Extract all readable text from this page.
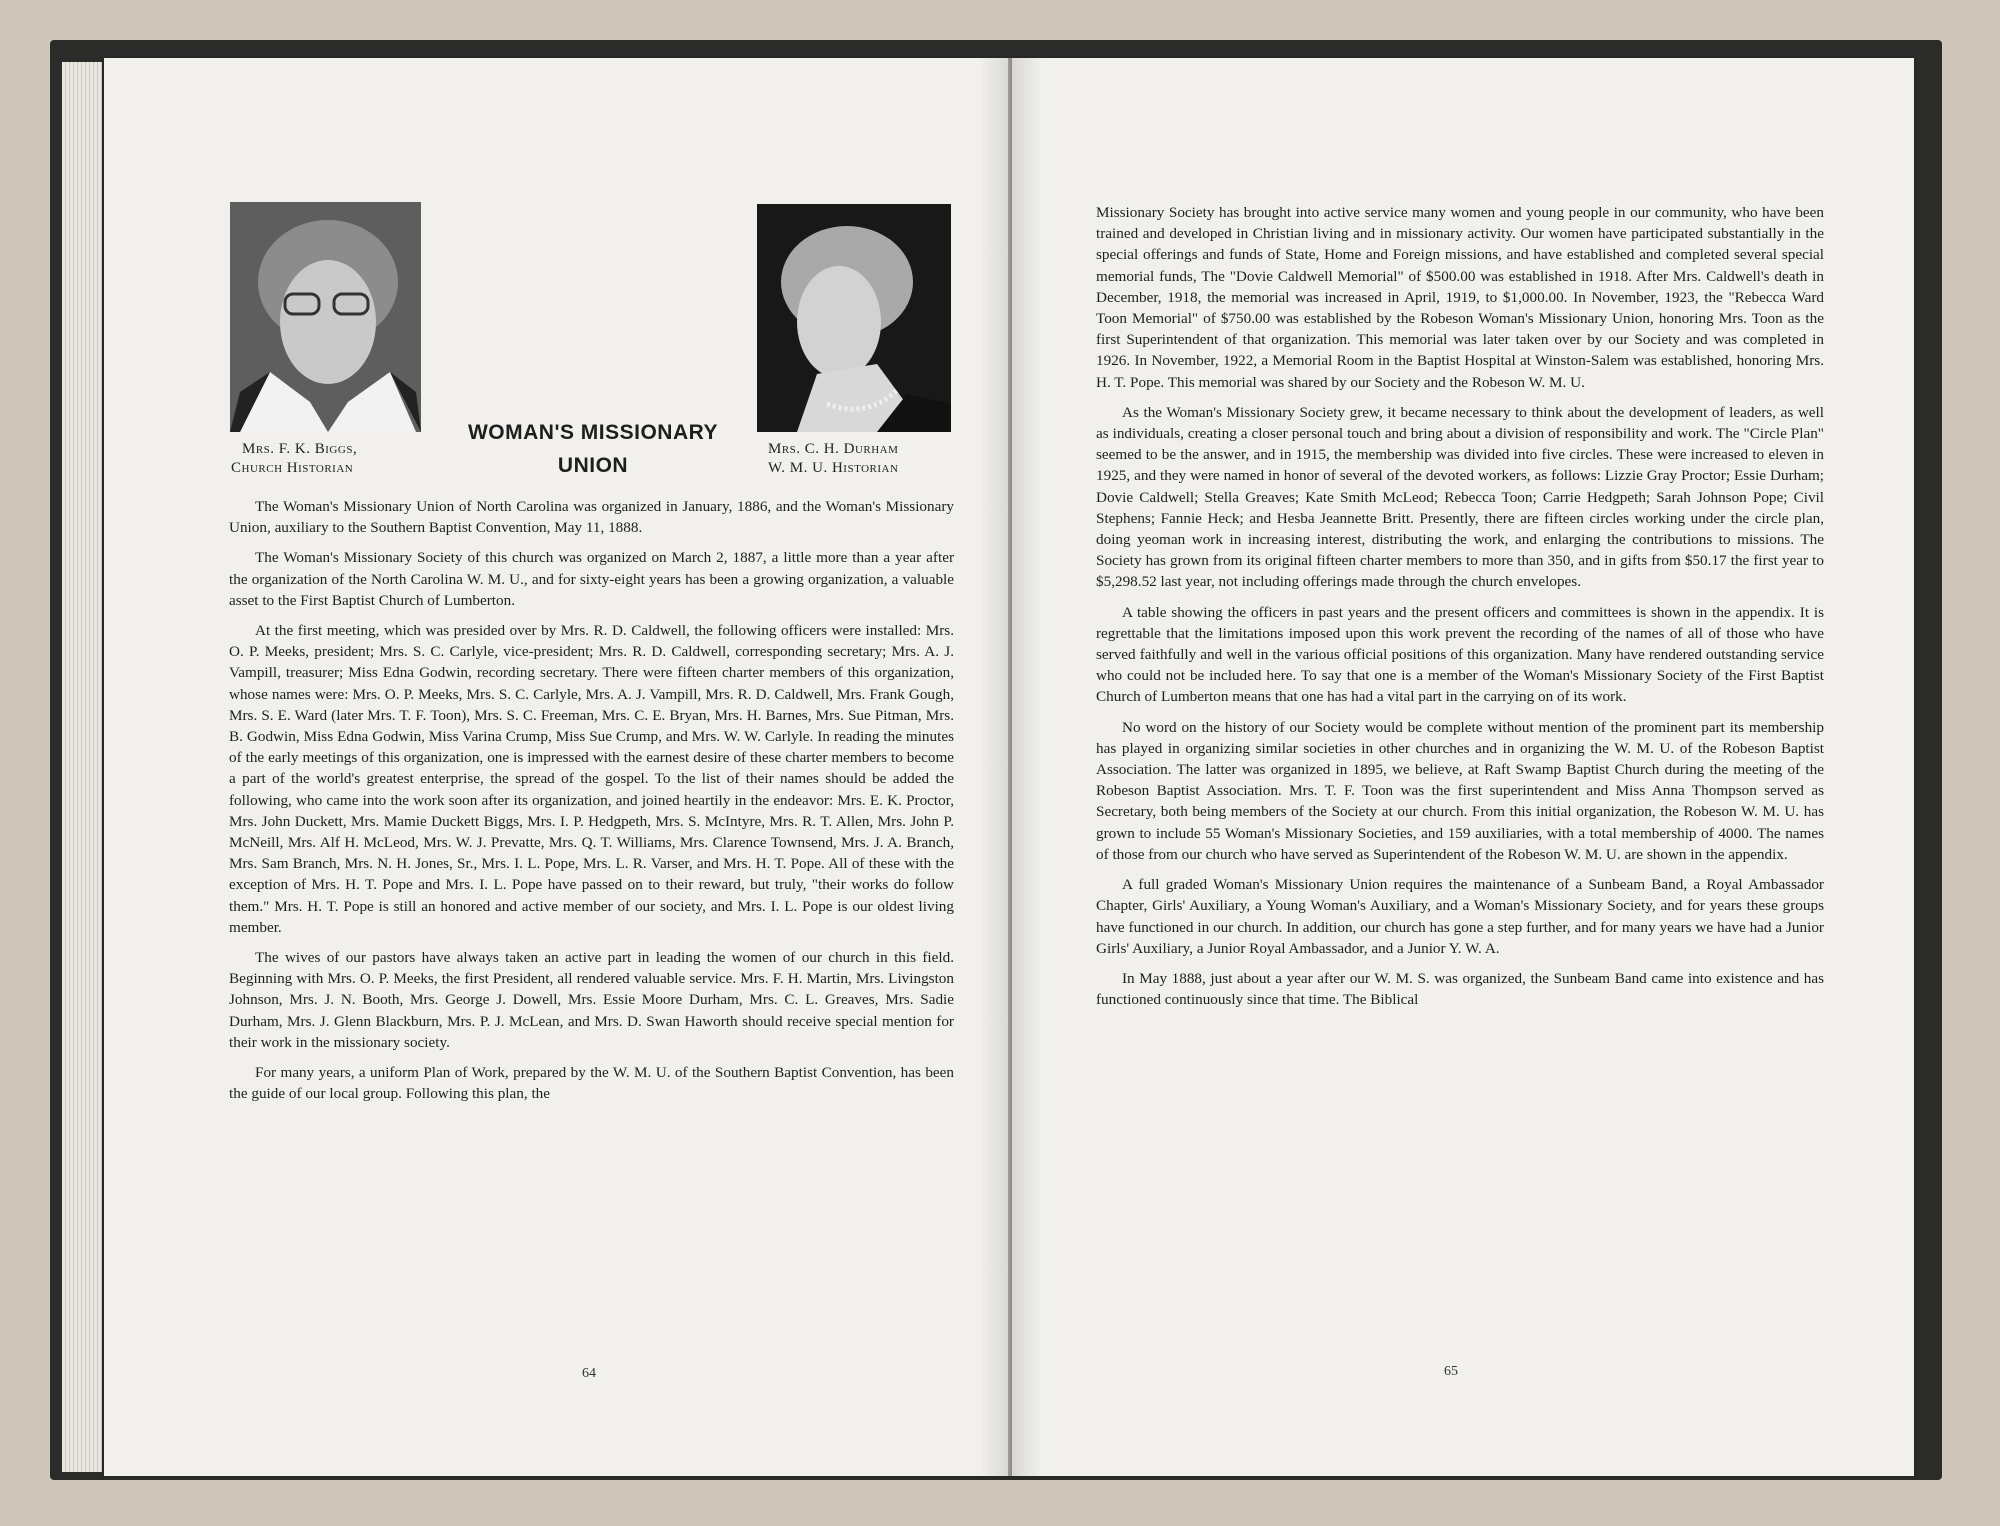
WOMAN'S MISSIONARY
UNION
Mrs. F. K. Biggs,
Church Historian
Mrs. C. H. Durham
W. M. U. Historian

The Woman's Missionary Union of North Carolina was organized in January, 1886, and the Woman's Missionary Union, auxiliary to the Southern Baptist Convention, May 11, 1888.

The Woman's Missionary Society of this church was organized on March 2, 1887, a little more than a year after the organization of the North Carolina W. M. U., and for sixty-eight years has been a growing organization, a valuable asset to the First Baptist Church of Lumberton.

At the first meeting, which was presided over by Mrs. R. D. Caldwell, the following officers were installed: Mrs. O. P. Meeks, president; Mrs. S. C. Carlyle, vice-president; Mrs. R. D. Caldwell, corresponding secretary; Mrs. A. J. Vampill, treasurer; Miss Edna Godwin, recording secretary. There were fifteen charter members of this organization, whose names were: Mrs. O. P. Meeks, Mrs. S. C. Carlyle, Mrs. A. J. Vampill, Mrs. R. D. Caldwell, Mrs. Frank Gough, Mrs. S. E. Ward (later Mrs. T. F. Toon), Mrs. S. C. Freeman, Mrs. C. E. Bryan, Mrs. H. Barnes, Mrs. Sue Pitman, Mrs. B. Godwin, Miss Edna Godwin, Miss Varina Crump, Miss Sue Crump, and Mrs. W. W. Carlyle. In reading the minutes of the early meetings of this organization, one is impressed with the earnest desire of these charter members to become a part of the world's greatest enterprise, the spread of the gospel. To the list of their names should be added the following, who came into the work soon after its organization, and joined heartily in the endeavor: Mrs. E. K. Proctor, Mrs. John Duckett, Mrs. Mamie Duckett Biggs, Mrs. I. P. Hedgpeth, Mrs. S. McIntyre, Mrs. R. T. Allen, Mrs. John P. McNeill, Mrs. Alf H. McLeod, Mrs. W. J. Prevatte, Mrs. Q. T. Williams, Mrs. Clarence Townsend, Mrs. J. A. Branch, Mrs. Sam Branch, Mrs. N. H. Jones, Sr., Mrs. I. L. Pope, Mrs. L. R. Varser, and Mrs. H. T. Pope. All of these with the exception of Mrs. H. T. Pope and Mrs. I. L. Pope have passed on to their reward, but truly, "their works do follow them." Mrs. H. T. Pope is still an honored and active member of our society, and Mrs. I. L. Pope is our oldest living member.

The wives of our pastors have always taken an active part in leading the women of our church in this field. Beginning with Mrs. O. P. Meeks, the first President, all rendered valuable service. Mrs. F. H. Martin, Mrs. Livingston Johnson, Mrs. J. N. Booth, Mrs. George J. Dowell, Mrs. Essie Moore Durham, Mrs. C. L. Greaves, Mrs. Sadie Durham, Mrs. J. Glenn Blackburn, Mrs. P. J. McLean, and Mrs. D. Swan Haworth should receive special mention for their work in the missionary society.

For many years, a uniform Plan of Work, prepared by the W. M. U. of the Southern Baptist Convention, has been the guide of our local group. Following this plan, the

64

Missionary Society has brought into active service many women and young people in our community, who have been trained and developed in Christian living and in missionary activity. Our women have participated substantially in the special offerings and funds of State, Home and Foreign missions, and have established and completed several special memorial funds, The "Dovie Caldwell Memorial" of $500.00 was established in 1918. After Mrs. Caldwell's death in December, 1918, the memorial was increased in April, 1919, to $1,000.00. In November, 1923, the "Rebecca Ward Toon Memorial" of $750.00 was established by the Robeson Woman's Missionary Union, honoring Mrs. Toon as the first Superintendent of that organization. This memorial was later taken over by our Society and was completed in 1926. In November, 1922, a Memorial Room in the Baptist Hospital at Winston-Salem was established, honoring Mrs. H. T. Pope. This memorial was shared by our Society and the Robeson W. M. U.

As the Woman's Missionary Society grew, it became necessary to think about the development of leaders, as well as individuals, creating a closer personal touch and bring about a division of responsibility and work. The "Circle Plan" seemed to be the answer, and in 1915, the membership was divided into five circles. These were increased to eleven in 1925, and they were named in honor of several of the devoted workers, as follows: Lizzie Gray Proctor; Essie Durham; Dovie Caldwell; Stella Greaves; Kate Smith McLeod; Rebecca Toon; Carrie Hedgpeth; Sarah Johnson Pope; Civil Stephens; Fannie Heck; and Hesba Jeannette Britt. Presently, there are fifteen circles working under the circle plan, doing yeoman work in increasing interest, distributing the work, and enlarging the contributions to missions. The Society has grown from its original fifteen charter members to more than 350, and in gifts from $50.17 the first year to $5,298.52 last year, not including offerings made through the church envelopes.

A table showing the officers in past years and the present officers and committees is shown in the appendix. It is regrettable that the limitations imposed upon this work prevent the recording of the names of all of those who have served faithfully and well in the various official positions of this organization. Many have rendered outstanding service who could not be included here. To say that one is a member of the Woman's Missionary Society of the First Baptist Church of Lumberton means that one has had a vital part in the carrying on of its work.

No word on the history of our Society would be complete without mention of the prominent part its membership has played in organizing similar societies in other churches and in organizing the W. M. U. of the Robeson Baptist Association. The latter was organized in 1895, we believe, at Raft Swamp Baptist Church during the meeting of the Robeson Baptist Association. Mrs. T. F. Toon was the first superintendent and Miss Anna Thompson served as Secretary, both being members of the Society at our church. From this initial organization, the Robeson W. M. U. has grown to include 55 Woman's Missionary Societies, and 159 auxiliaries, with a total membership of 4000. The names of those from our church who have served as Superintendent of the Robeson W. M. U. are shown in the appendix.

A full graded Woman's Missionary Union requires the maintenance of a Sunbeam Band, a Royal Ambassador Chapter, Girls' Auxiliary, a Young Woman's Auxiliary, and a Woman's Missionary Society, and for years these groups have functioned in our church. In addition, our church has gone a step further, and for many years we have had a Junior Girls' Auxiliary, a Junior Royal Ambassador, and a Junior Y. W. A.

In May 1888, just about a year after our W. M. S. was organized, the Sunbeam Band came into existence and has functioned continuously since that time. The Biblical

65
